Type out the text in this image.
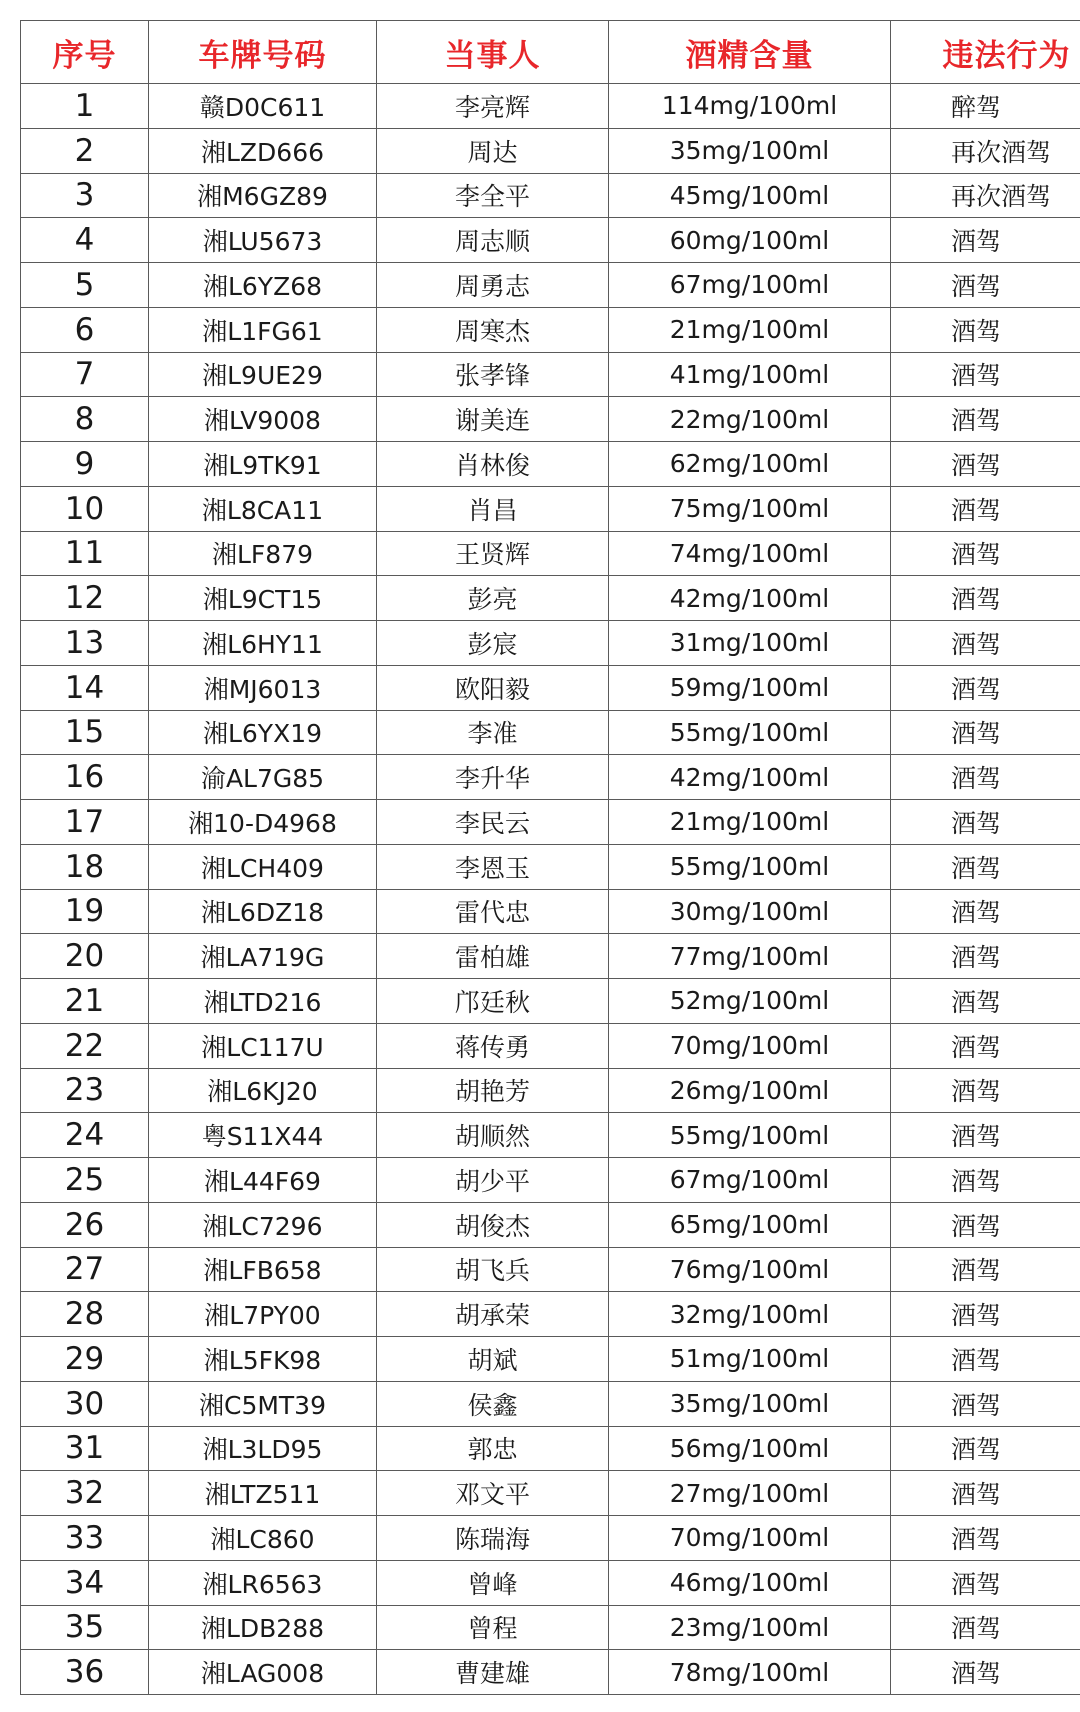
序号	车牌号码	当事人	酒精含量	违法行为
1	赣D0C611	李亮辉	114mg/100ml	醉驾
2	湘LZD666	周达	35mg/100ml	再次酒驾
3	湘M6GZ89	李全平	45mg/100ml	再次酒驾
4	湘LU5673	周志顺	60mg/100ml	酒驾
5	湘L6YZ68	周勇志	67mg/100ml	酒驾
6	湘L1FG61	周寒杰	21mg/100ml	酒驾
7	湘L9UE29	张孝锋	41mg/100ml	酒驾
8	湘LV9008	谢美连	22mg/100ml	酒驾
9	湘L9TK91	肖林俊	62mg/100ml	酒驾
10	湘L8CA11	肖昌	75mg/100ml	酒驾
11	湘LF879	王贤辉	74mg/100ml	酒驾
12	湘L9CT15	彭亮	42mg/100ml	酒驾
13	湘L6HY11	彭宸	31mg/100ml	酒驾
14	湘MJ6013	欧阳毅	59mg/100ml	酒驾
15	湘L6YX19	李准	55mg/100ml	酒驾
16	渝AL7G85	李升华	42mg/100ml	酒驾
17	湘10-D4968	李民云	21mg/100ml	酒驾
18	湘LCH409	李恩玉	55mg/100ml	酒驾
19	湘L6DZ18	雷代忠	30mg/100ml	酒驾
20	湘LA719G	雷柏雄	77mg/100ml	酒驾
21	湘LTD216	邝廷秋	52mg/100ml	酒驾
22	湘LC117U	蒋传勇	70mg/100ml	酒驾
23	湘L6KJ20	胡艳芳	26mg/100ml	酒驾
24	粤S11X44	胡顺然	55mg/100ml	酒驾
25	湘L44F69	胡少平	67mg/100ml	酒驾
26	湘LC7296	胡俊杰	65mg/100ml	酒驾
27	湘LFB658	胡飞兵	76mg/100ml	酒驾
28	湘L7PY00	胡承荣	32mg/100ml	酒驾
29	湘L5FK98	胡斌	51mg/100ml	酒驾
30	湘C5MT39	侯鑫	35mg/100ml	酒驾
31	湘L3LD95	郭忠	56mg/100ml	酒驾
32	湘LTZ511	邓文平	27mg/100ml	酒驾
33	湘LC860	陈瑞海	70mg/100ml	酒驾
34	湘LR6563	曾峰	46mg/100ml	酒驾
35	湘LDB288	曾程	23mg/100ml	酒驾
36	湘LAG008	曹建雄	78mg/100ml	酒驾
